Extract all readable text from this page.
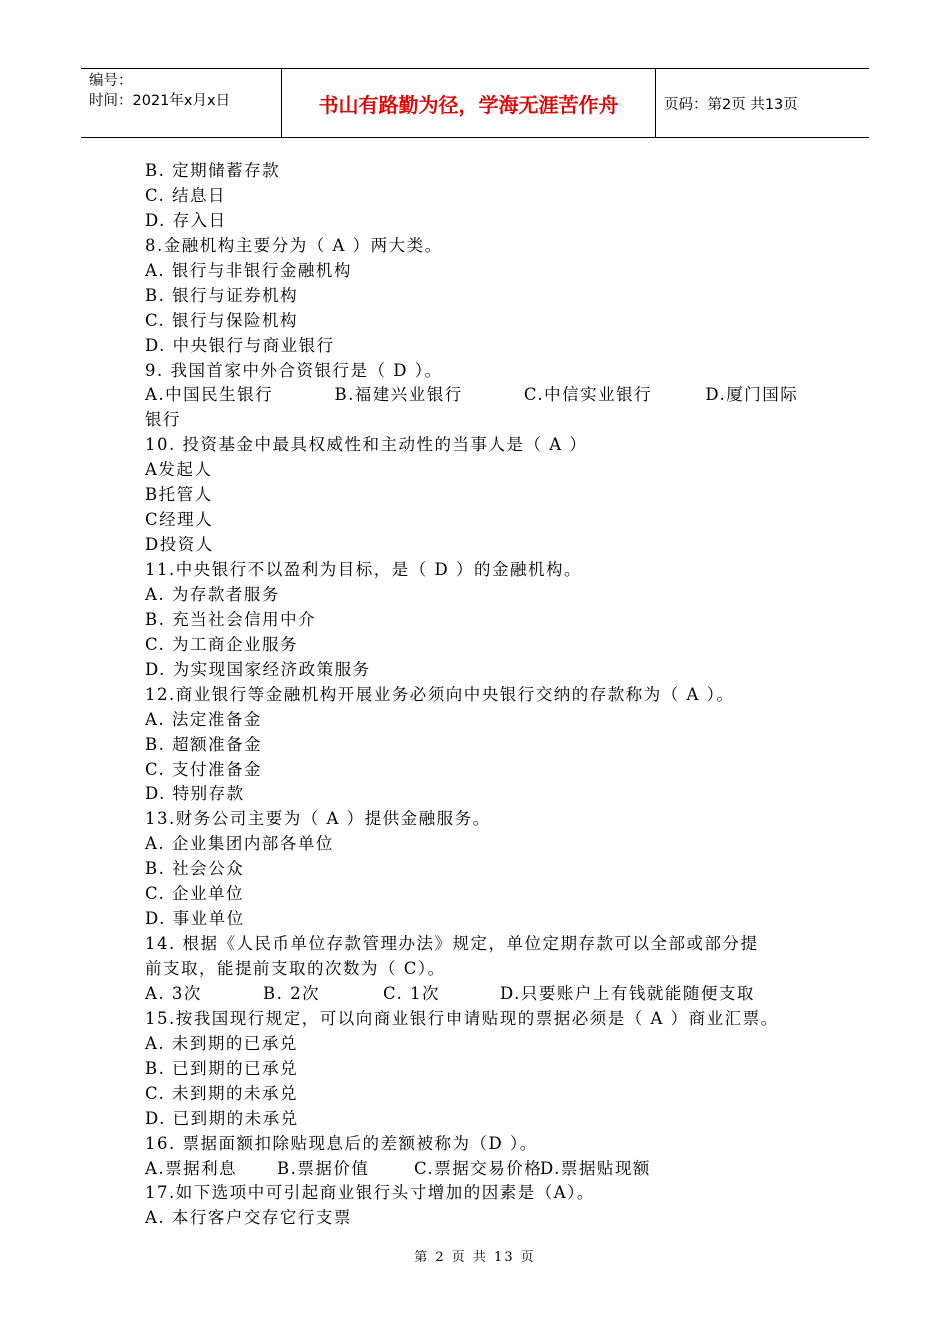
编号：
时间：2021年x月x日	书山有路勤为径，学海无涯苦作舟	页码：第2页 共13页
B. 定期储蓄存款
C. 结息日
D. 存入日
8.金融机构主要分为（ A ）两大类。
A. 银行与非银行金融机构
B. 银行与证券机构
C. 银行与保险机构
D. 中央银行与商业银行
9. 我国首家中外合资银行是（ D ）。
A.中国民生银行	B.福建兴业银行	C.中信实业银行	D.厦门国际
银行
10. 投资基金中最具权威性和主动性的当事人是（ A ）
A发起人
B托管人
C经理人
D投资人
11.中央银行不以盈利为目标，是（ D ）的金融机构。
A. 为存款者服务
B. 充当社会信用中介
C. 为工商企业服务
D. 为实现国家经济政策服务
12.商业银行等金融机构开展业务必须向中央银行交纳的存款称为（ A ）。
A. 法定准备金
B. 超额准备金
C. 支付准备金
D. 特别存款
13.财务公司主要为（ A ）提供金融服务。
A. 企业集团内部各单位
B. 社会公众
C. 企业单位
D. 事业单位
14. 根据《人民币单位存款管理办法》规定，单位定期存款可以全部或部分提
前支取，能提前支取的次数为（ C）。
A. 3次	B. 2次	C. 1次	D.只要账户上有钱就能随便支取
15.按我国现行规定，可以向商业银行申请贴现的票据必须是（ A ）商业汇票。
A. 未到期的已承兑
B. 已到期的已承兑
C. 未到期的未承兑
D. 已到期的未承兑
16. 票据面额扣除贴现息后的差额被称为（D ）。
A.票据利息	B.票据价值	C.票据交易价格
D.票据贴现额
17.如下选项中可引起商业银行头寸增加的因素是（A）。
A. 本行客户交存它行支票
第 2 页 共 13 页
